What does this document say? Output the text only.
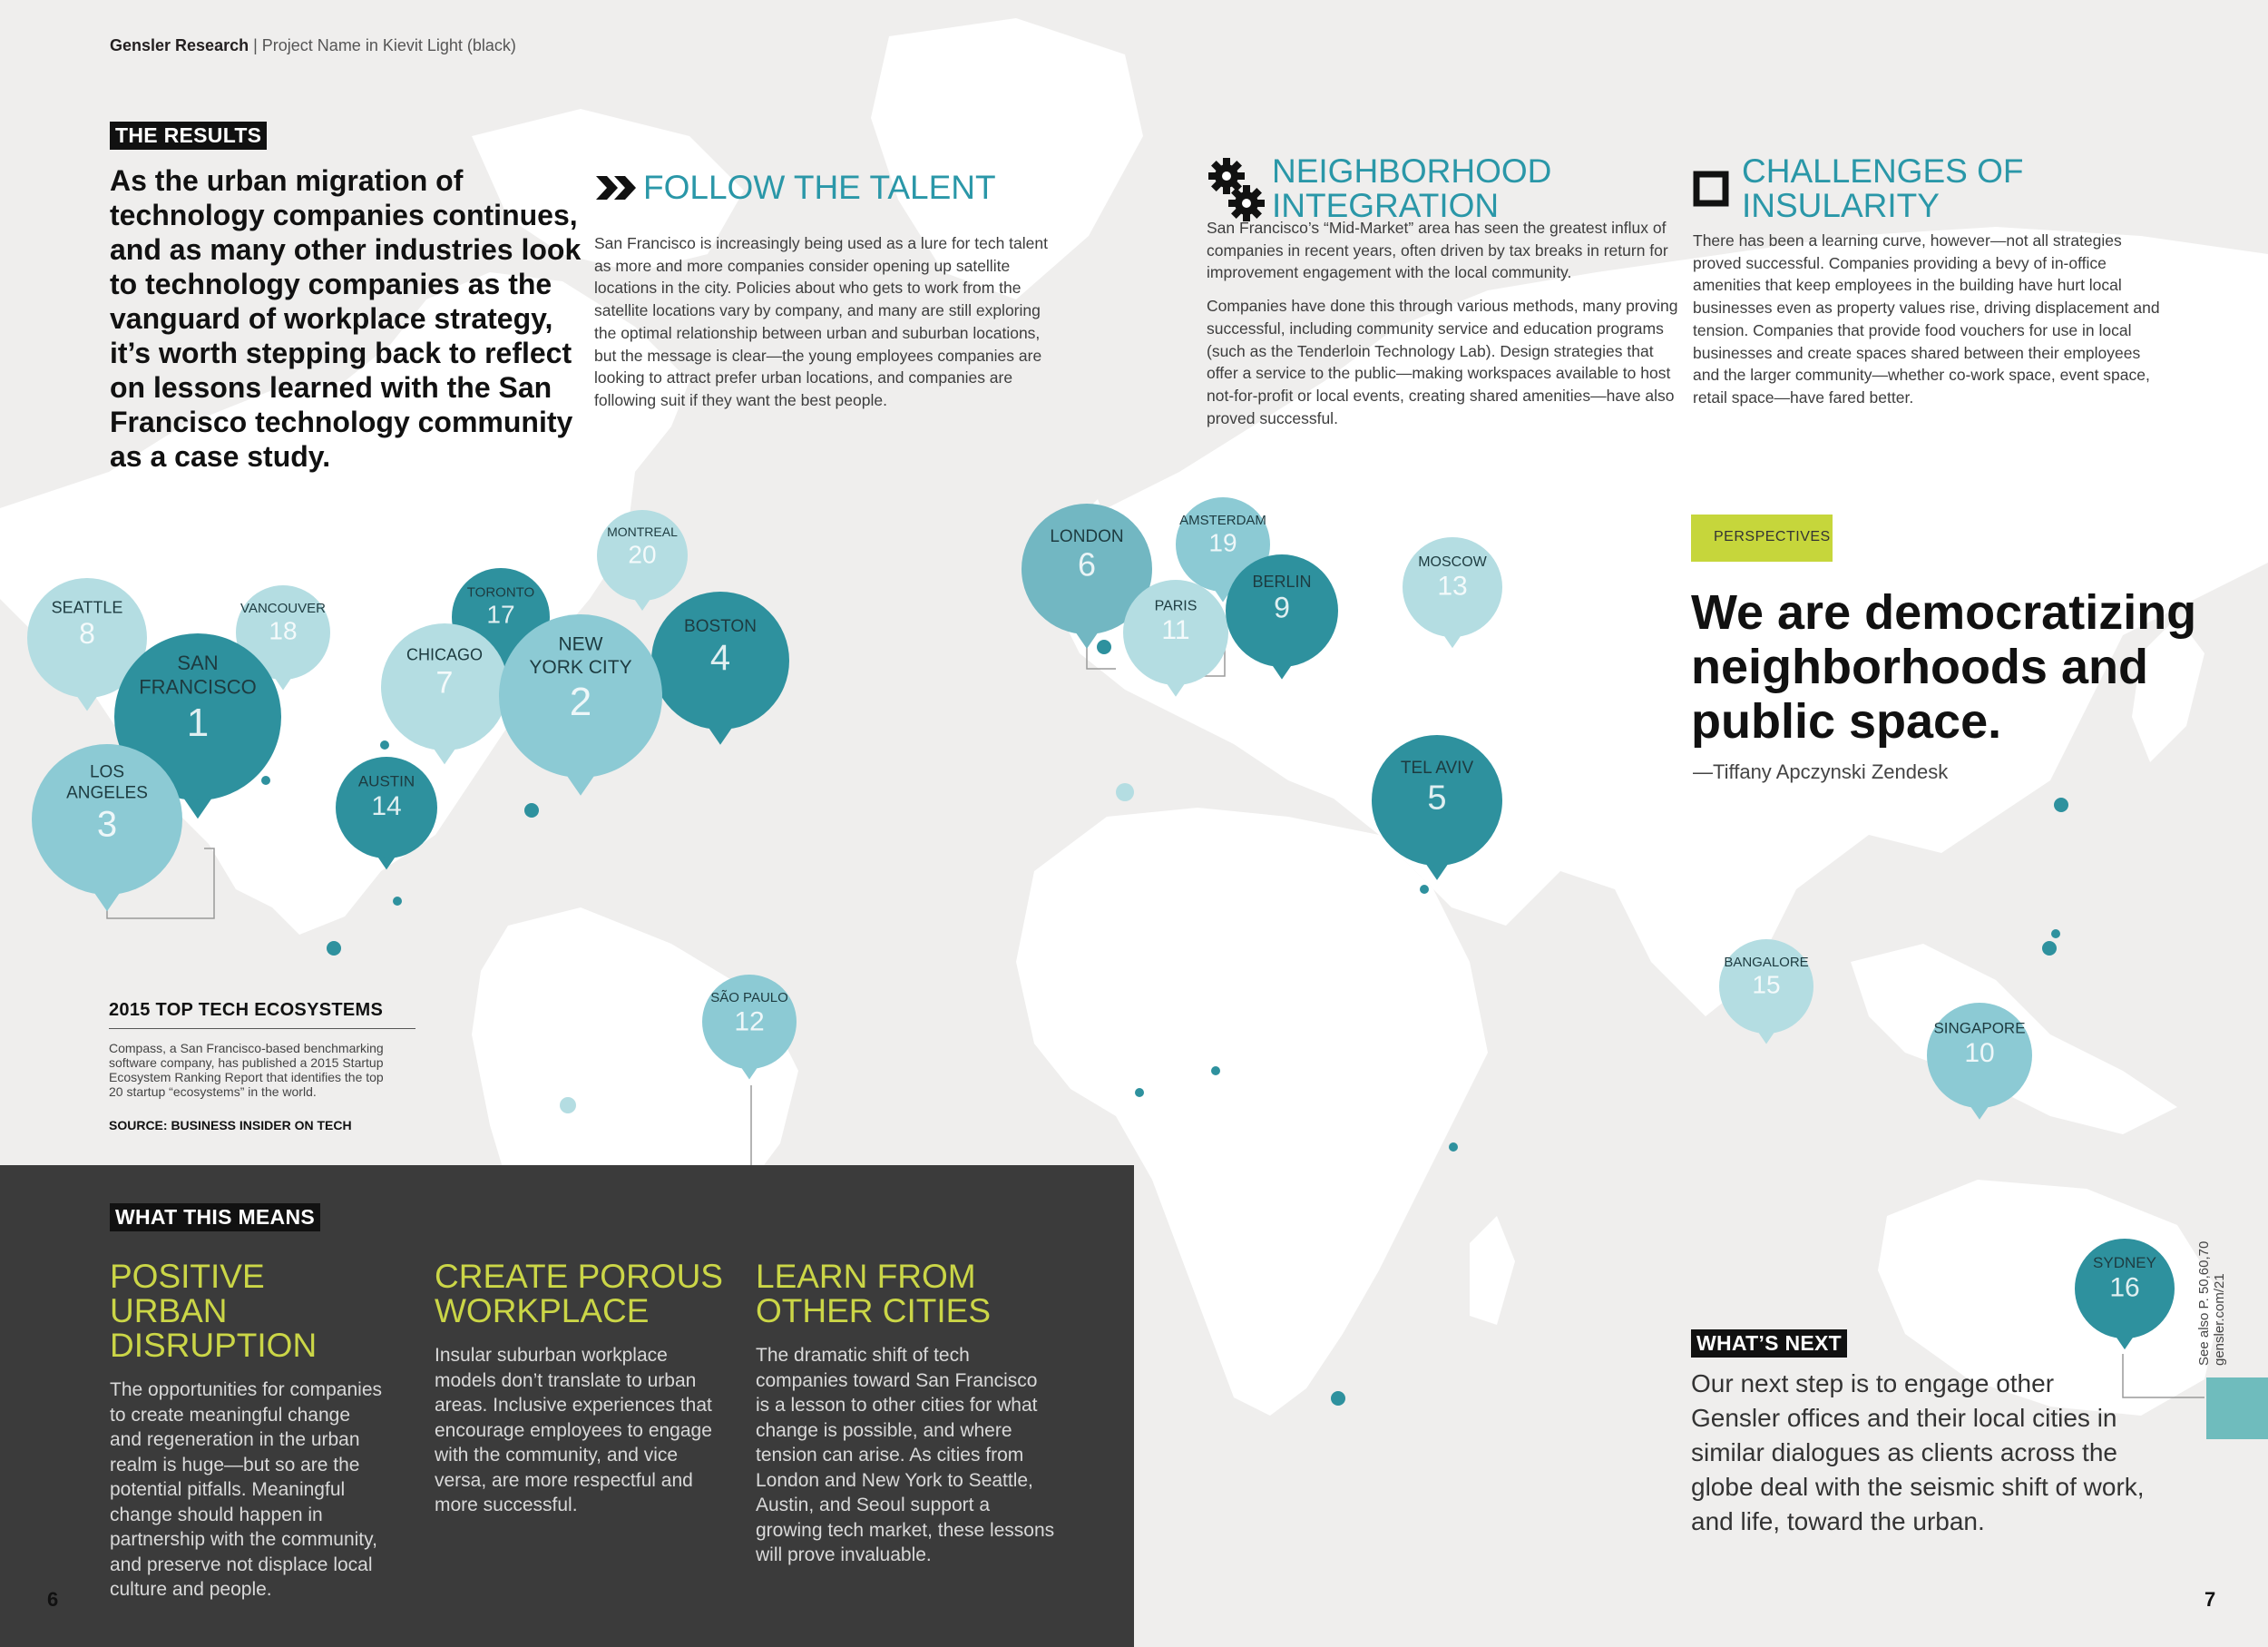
AMSTERDAM
19
MONTREAL
20
VANCOUVER
18
LONDON
6	MOSCOW
13
TORONTO
17	PARIS
11
CHICAGO
7
SEATTLE
8
BERLIN
9
BOSTON
4
SAN
FRANCISCO
1
NEW
YORK CITY
2
LOS
ANGELES
3
AUSTIN
14
SÃO PAULO
12
TEL AVIV
5
BANGALORE
15
SINGAPORE
10
SYDNEY
16
Gensler Research | Project Name in Kievit Light (black)
THE RESULTS
As the urban migration of technology companies continues, and as many other industries look to technology companies as the vanguard of workplace strategy, it’s worth stepping back to reflect on lessons learned with the San Francisco technology community as a case study.
FOLLOW THE TALENT

San Francisco is increasingly being used as a lure for tech talent as more and more companies consider opening up satellite locations in the city. Policies about who gets to work from the satellite locations vary by company, and many are still exploring the optimal relationship between urban and suburban locations, but the message is clear—the young employees companies are looking to attract prefer urban locations, and companies are following suit if they want the best people.

NEIGHBORHOOD INTEGRATION

San Francisco’s “Mid-Market” area has seen the greatest influx of companies in recent years, often driven by tax breaks in return for improvement engagement with the local community.

Companies have done this through various methods, many proving successful, including community service and education programs (such as the Tenderloin Technology Lab). Design strategies that offer a service to the public—making workspaces available to host not-for-profit or local events, creating shared amenities—have also proved successful.

CHALLENGES OF INSULARITY

There has been a learning curve, however—not all strategies proved successful. Companies providing a bevy of in-office amenities that keep employees in the building have hurt local businesses even as property values rise, driving displacement and tension. Companies that provide food vouchers for use in local businesses and create spaces shared between their employees and the larger community—whether co-work space, event space, retail space—have fared better.

PERSPECTIVES
We are democratizing neighborhoods and public space.
—Tiffany Apczynski Zendesk
2015 TOP TECH ECOSYSTEMS
Compass, a San Francisco-based benchmarking software company, has published a 2015 Startup Ecosystem Ranking Report that identifies the top 20 startup “ecosystems” in the world.
SOURCE: BUSINESS INSIDER ON TECH
WHAT THIS MEANS
POSITIVE URBAN DISRUPTION

The opportunities for companies to create meaningful change and regeneration in the urban realm is huge—but so are the potential pitfalls. Meaningful change should happen in partnership with the community, and preserve not displace local culture and people.

CREATE POROUS WORKPLACE

Insular suburban workplace models don’t translate to urban areas. Inclusive experiences that encourage employees to engage with the community, and vice versa, are more respectful and more successful.

LEARN FROM OTHER CITIES

The dramatic shift of tech companies toward San Francisco is a lesson to other cities for what change is possible, and where tension can arise. As cities from London and New York to Seattle, Austin, and Seoul support a growing tech market, these lessons will prove invaluable.

6
WHAT’S NEXT
Our next step is to engage other Gensler offices and their local cities in similar dialogues as clients across the globe deal with the seismic shift of work, and life, toward the urban.
See also P. 50,60,70 gensler.com/21
7
